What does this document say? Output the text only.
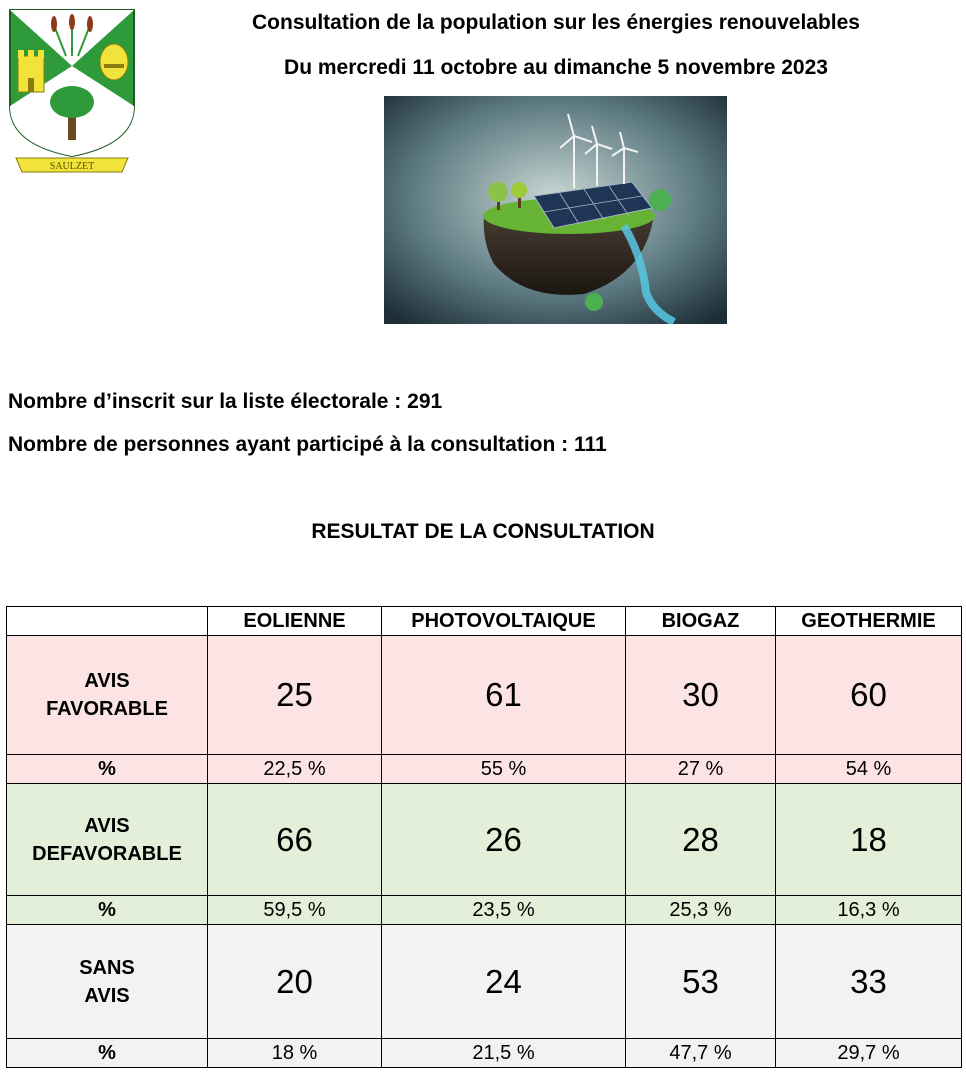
SAULZET
Consultation de la population sur les énergies renouvelables
Du mercredi 11 octobre au dimanche 5 novembre 2023
Nombre d’inscrit sur la liste électorale : 291
Nombre de personnes ayant participé à la consultation : 111
RESULTAT DE LA CONSULTATION
	EOLIENNE	PHOTOVOLTAIQUE	BIOGAZ	GEOTHERMIE

AVIS
FAVORABLE	25	61	30	60
%	22,5 %	55 %	27 %	54 %

AVIS
DEFAVORABLE	66	26	28	18
%	59,5 %	23,5 %	25,3 %	16,3 %

SANS
AVIS	20	24	53	33
%	18 %	21,5 %	47,7 %	29,7 %
